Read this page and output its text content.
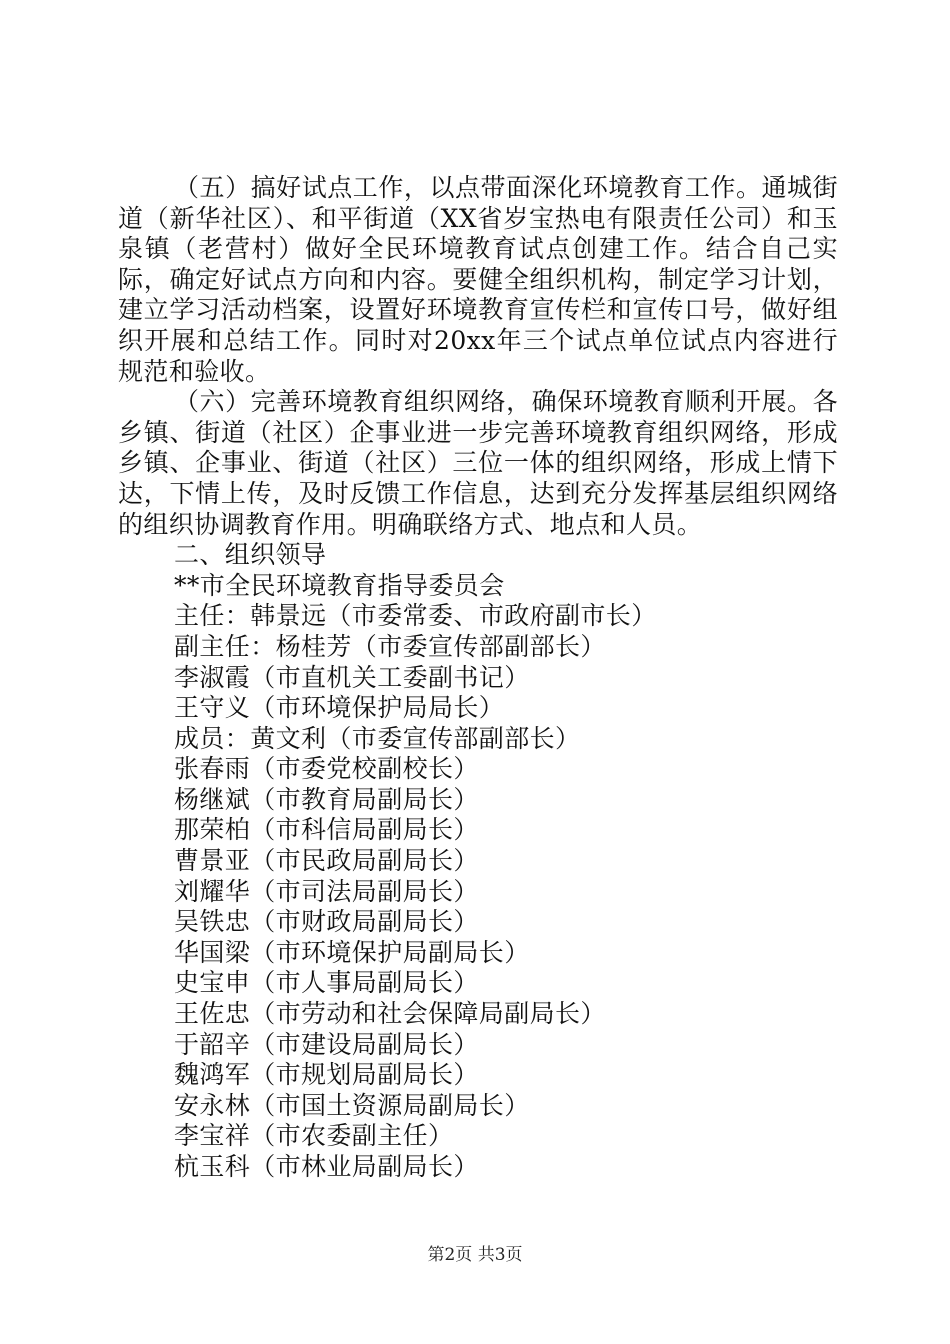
（五）搞好试点工作，以点带面深化环境教育工作。通城街道（新华社区）、和平街道（XX省岁宝热电有限责任公司）和玉泉镇（老营村）做好全民环境教育试点创建工作。结合自己实际，确定好试点方向和内容。要健全组织机构，制定学习计划，建立学习活动档案，设置好环境教育宣传栏和宣传口号，做好组织开展和总结工作。同时对20xx年三个试点单位试点内容进行规范和验收。

（六）完善环境教育组织网络，确保环境教育顺利开展。各乡镇、街道（社区）企事业进一步完善环境教育组织网络，形成乡镇、企事业、街道（社区）三位一体的组织网络，形成上情下达，下情上传，及时反馈工作信息，达到充分发挥基层组织网络的组织协调教育作用。明确联络方式、地点和人员。

二、组织领导

**市全民环境教育指导委员会

主任：韩景远（市委常委、市政府副市长）

副主任：杨桂芳（市委宣传部副部长）

李淑霞（市直机关工委副书记）

王守义（市环境保护局局长）

成员：黄文利（市委宣传部副部长）

张春雨（市委党校副校长）

杨继斌（市教育局副局长）

那荣柏（市科信局副局长）

曹景亚（市民政局副局长）

刘耀华（市司法局副局长）

吴铁忠（市财政局副局长）

华国梁（市环境保护局副局长）

史宝申（市人事局副局长）

王佐忠（市劳动和社会保障局副局长）

于韶辛（市建设局副局长）

魏鸿军（市规划局副局长）

安永林（市国土资源局副局长）

李宝祥（市农委副主任）

杭玉科（市林业局副局长）

第2页 共3页
